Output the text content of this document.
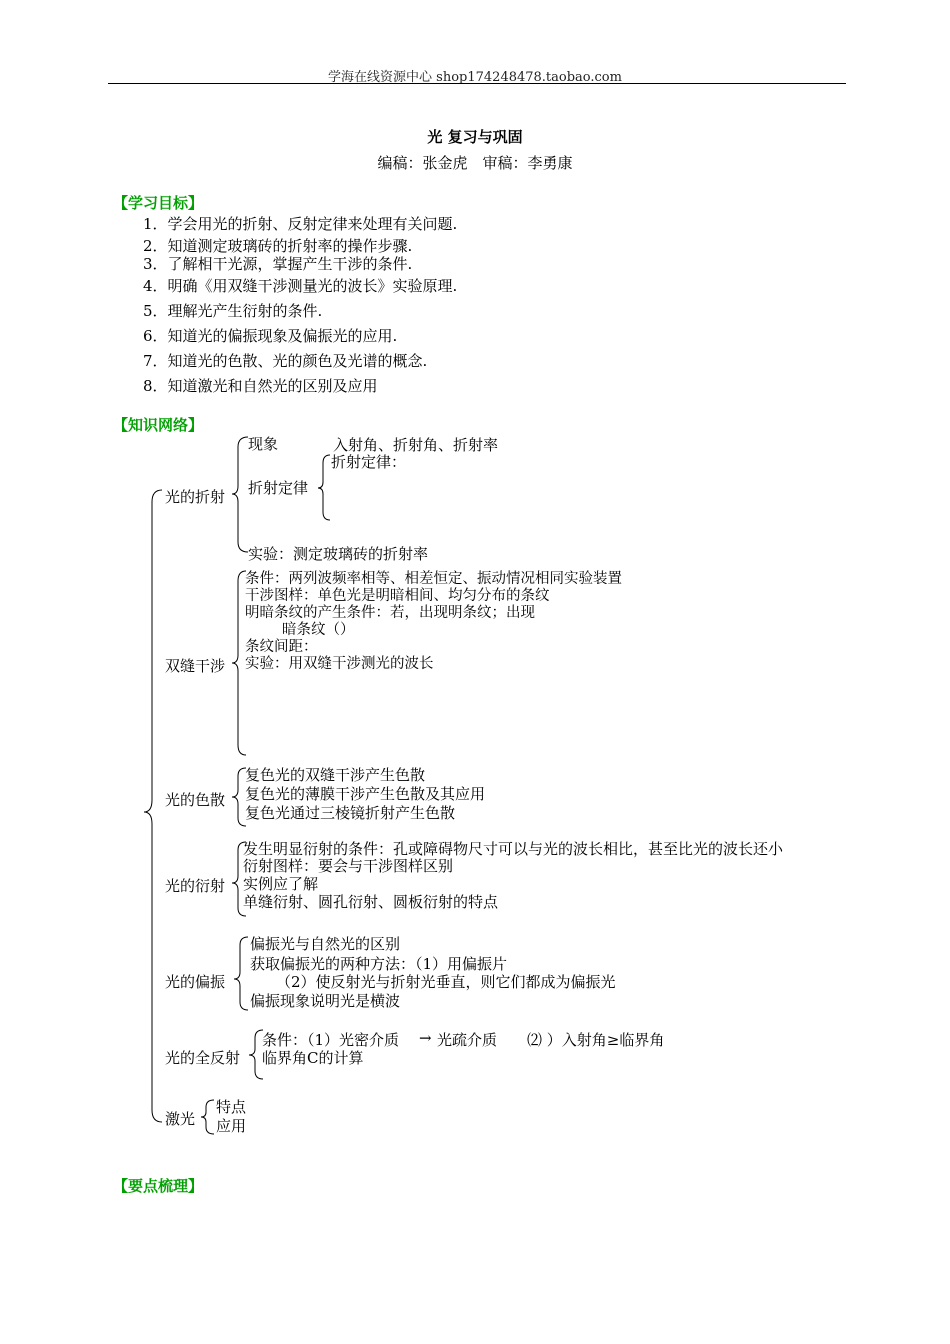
学海在线资源中心 shop174248478.taobao.com
光 复习与巩固
编稿：张金虎　审稿：李勇康
【学习目标】
1．学会用光的折射、反射定律来处理有关问题.
2．知道测定玻璃砖的折射率的操作步骤.
3．了解相干光源，掌握产生干涉的条件.
4．明确《用双缝干涉测量光的波长》实验原理.
5．理解光产生衍射的条件.
6．知道光的偏振现象及偏振光的应用.
7．知道光的色散、光的颜色及光谱的概念.
8．知道激光和自然光的区别及应用
【知识网络】
光的折射
现象	入射角、折射角、折射率
折射定律
折射定律：
实验：测定玻璃砖的折射率
双缝干涉
条件：两列波频率相等、相差恒定、振动情况相同实验装置
干涉图样：单色光是明暗相间、均匀分布的条纹
明暗条纹的产生条件：若，出现明条纹；出现
暗条纹（）
条纹间距：
实验：用双缝干涉测光的波长
光的色散
复色光的双缝干涉产生色散
复色光的薄膜干涉产生色散及其应用
复色光通过三棱镜折射产生色散
光的衍射
发生明显衍射的条件：孔或障碍物尺寸可以与光的波长相比，甚至比光的波长还小
衍射图样：要会与干涉图样区别
实例应了解
单缝衍射、圆孔衍射、圆板衍射的特点
光的偏振
偏振光与自然光的区别
获取偏振光的两种方法：（1）用偏振片
（2）使反射光与折射光垂直，则它们都成为偏振光
偏振现象说明光是横波
光的全反射
条件：（1）光密介质 → 光疏介质 ⑵ ）入射角≥临界角
临界角C的计算
激光
特点
应用
【要点梳理】
